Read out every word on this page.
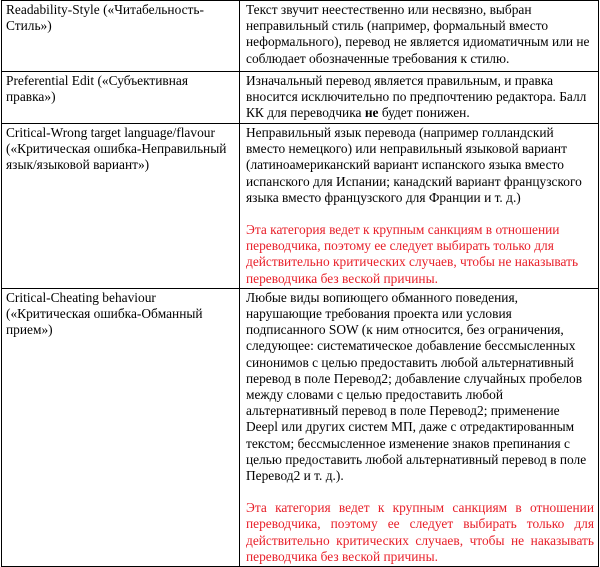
Readability-Style («Читабельность-Стиль»)	Текст звучит неестественно или несвязно, выбран неправильный стиль (например, формальный вместо неформального), перевод не является идиоматичным или не соблюдает обозначенные требования к стилю.

Preferential Edit («Субъективная правка»)	Изначальный перевод является правильным, и правка вносится исключительно по предпочтению редактора. Балл КК для переводчика не будет понижен.

Critical-Wrong target language/flavour («Критическая ошибка-Неправильный язык/языковой вариант»)	Неправильный язык перевода (например голландский вместо немецкого) или неправильный языковой вариант (латиноамериканский вариант испанского языка вместо испанского для Испании; канадский вариант французского языка вместо французского для Франции и т. д.)

Эта категория ведет к крупным санкциям в отношении переводчика, поэтому ее следует выбирать только для действительно критических случаев, чтобы не наказывать переводчика без веской причины.

Critical-Cheating behaviour («Критическая ошибка-Обманный прием»)	Любые виды вопиющего обманного поведения, нарушающие требования проекта или условия подписанного SOW (к ним относится, без ограничения, следующее: систематическое добавление бессмысленных синонимов с целью предоставить любой альтернативный перевод в поле Перевод2; добавление случайных пробелов между словами с целью предоставить любой альтернативный перевод в поле Перевод2; применение Deepl или других систем МП, даже с отредактированным текстом; бессмысленное изменение знаков препинания с целью предоставить любой альтернативный перевод в поле Перевод2 и т. д.).

Эта категория ведет к крупным санкциям в отношении переводчика, поэтому ее следует выбирать только для действительно критических случаев, чтобы не наказывать переводчика без веской причины.
